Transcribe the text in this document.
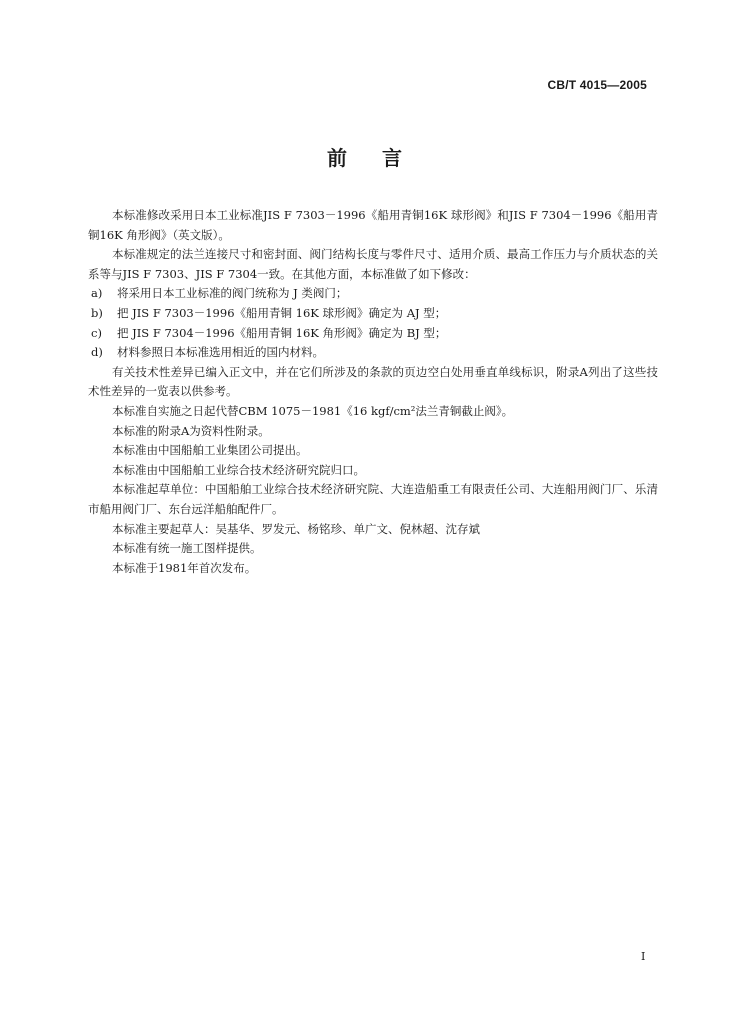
CB/T 4015—2005
前 言

本标准修改采用日本工业标准JIS F 7303－1996《船用青铜16K 球形阀》和JIS F 7304－1996《船用青铜16K 角形阀》（英文版）。

本标准规定的法兰连接尺寸和密封面、阀门结构长度与零件尺寸、适用介质、最高工作压力与介质状态的关系等与JIS F 7303、JIS F 7304一致。在其他方面，本标准做了如下修改：

a) 将采用日本工业标准的阀门统称为 J 类阀门；

b) 把 JIS F 7303－1996《船用青铜 16K 球形阀》确定为 AJ 型；

c) 把 JIS F 7304－1996《船用青铜 16K 角形阀》确定为 BJ 型；

d) 材料参照日本标准选用相近的国内材料。

有关技术性差异已编入正文中，并在它们所涉及的条款的页边空白处用垂直单线标识，附录A列出了这些技术性差异的一览表以供参考。

本标准自实施之日起代替CBM 1075－1981《16 kgf/cm²法兰青铜截止阀》。

本标准的附录A为资料性附录。

本标准由中国船舶工业集团公司提出。

本标准由中国船舶工业综合技术经济研究院归口。

本标准起草单位：中国船舶工业综合技术经济研究院、大连造船重工有限责任公司、大连船用阀门厂、乐清市船用阀门厂、东台远洋船舶配件厂。

本标准主要起草人：吴基华、罗发元、杨铭珍、单广文、倪林超、沈存斌

本标准有统一施工图样提供。

本标准于1981年首次发布。

I
